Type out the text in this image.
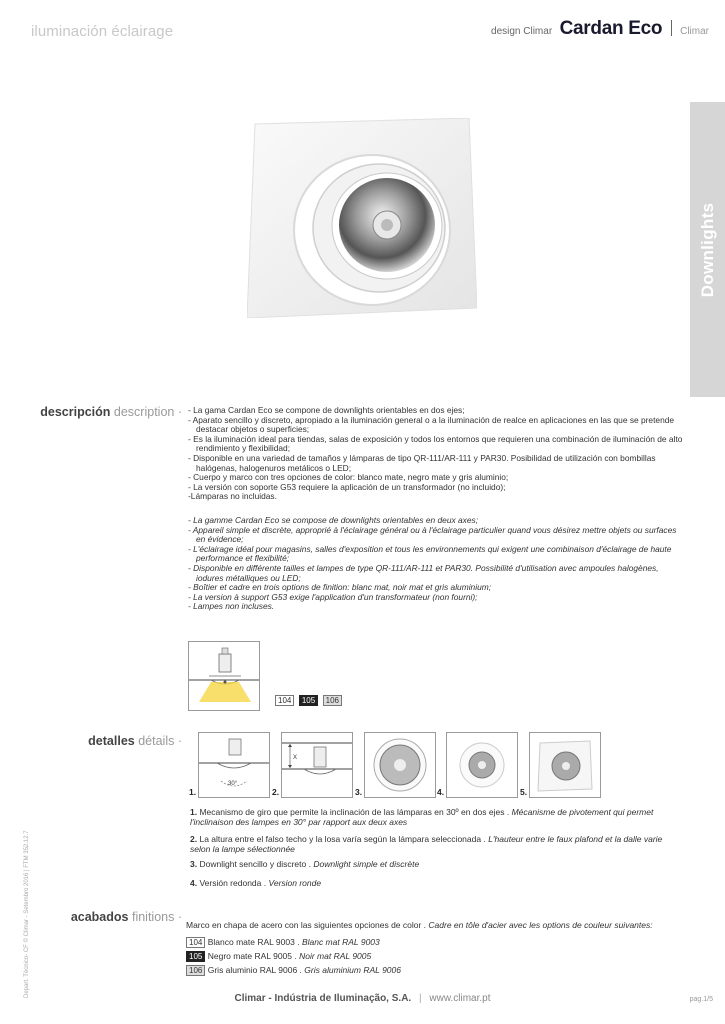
iluminación éclairage	design Climar Cardan Eco Climar
Downlights
descripción description · - La gama Cardan Eco se compone de downlights orientables en dos ejes;

- Aparato sencillo y discreto, apropiado a la iluminación general o a la iluminación de realce en aplicaciones en las que se pretende destacar objetos o superficies;

- Es la iluminación ideal para tiendas, salas de exposición y todos los entornos que requieren una combinación de iluminación de alto rendimiento y flexibilidad;

- Disponible en una variedad de tamaños y lámparas de tipo QR-111/AR-111 y PAR30. Posibilidad de utilización con bombillas halógenas, halogenuros metálicos o LED;

- Cuerpo y marco con tres opciones de color: blanco mate, negro mate y gris aluminio;

- La versión con soporte G53 requiere la aplicación de un transformador (no incluido);

-Lámparas no incluidas.

- La gamme Cardan Eco se compose de downlights orientables en deux axes;

- Appareil simple et discrète, approprié à l'éclairage général ou à l'éclairage particulier quand vous désirez mettre objets ou surfaces en évidence;

- L'éclairage idéal pour magasins, salles d'exposition et tous les environnements qui exigent une combinaison d'éclairage de haute performance et flexibilité;

- Disponible en différente tailles et lampes de type QR-111/AR-111 et PAR30. Possibilité d'utilisation avec ampoules halogènes, iodures métalliques ou LED;

- Boîtier et cadre en trois options de finition: blanc mat, noir mat et gris aluminium;

- La version à support G53 exige l'application d'un transformateur (non fourni);

- Lampes non incluses.

104 105 106
detalles détails ·
30°
1.
X
2.	3.	4.	5.
1. Mecanismo de giro que permite la inclinación de las lámparas en 30º en dos ejes . Mécanisme de pivotement qui permet l'inclinaison des lampes en 30° par rapport aux deux axes
2. La altura entre el falso techo y la losa varía según la lámpara seleccionada . L'hauteur entre le faux plafond et la dalle varie selon la lampe sélectionnée
3. Downlight sencillo y discreto . Downlight simple et discrète
4. Versión redonda . Version ronde
acabados finitions ·
Marco en chapa de acero con las siguientes opciones de color . Cadre en tôle d'acier avec les options de couleur suivantes:
104 Blanco mate RAL 9003 . Blanc mat RAL 9003
105 Negro mate RAL 9005 . Noir mat RAL 9005
106 Gris aluminio RAL 9006 . Gris aluminium RAL 9006
Climar - Indústria de Iluminação, S.A. | www.climar.pt	pag.1/5
Depart. Técnico- CF © Climar - Setembro 2016 | FTM 352.12.7
